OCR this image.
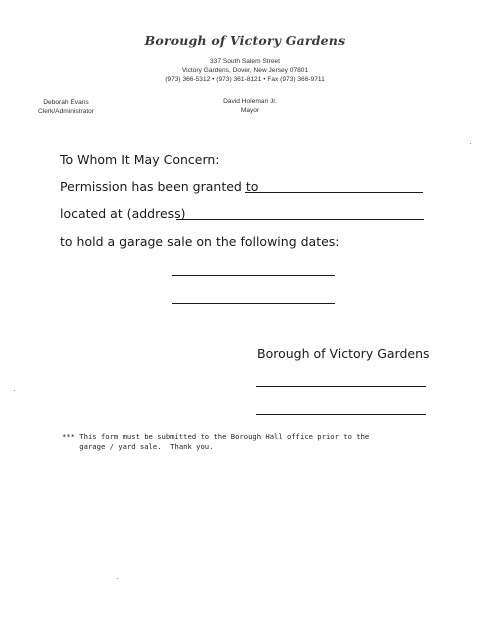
Borough of Victory Gardens
337 South Salem Street
Victory Gardens, Dover, New Jersey 07801
(973) 366-5312 • (973) 361-8121 • Fax (973) 366-9711
Deborah Evans
Clerk/Administrator
David Holeman Jr.
Mayor
To Whom It May Concern:
Permission has been granted to
located at (address)
to hold a garage sale on the following dates:
Borough of Victory Gardens
*** This form must be submitted to the Borough Hall office prior to the
garage / yard sale.  Thank you.
